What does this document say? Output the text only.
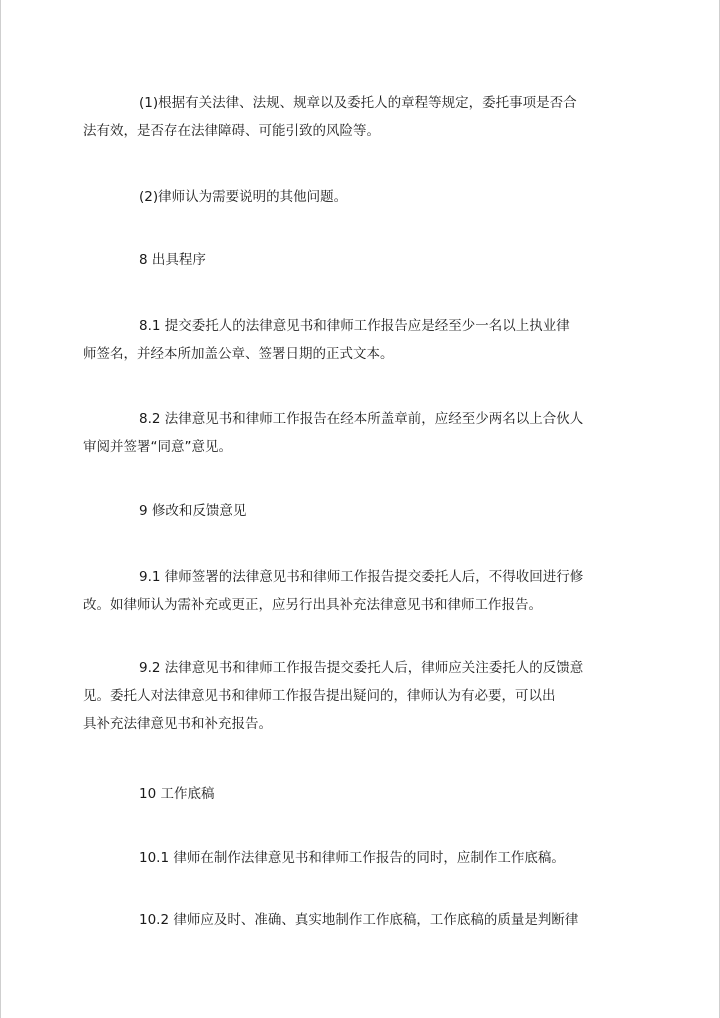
(1)根据有关法律、法规、规章以及委托人的章程等规定，委托事项是否合
法有效，是否存在法律障碍、可能引致的风险等。

(2)律师认为需要说明的其他问题。

8 出具程序

8.1 提交委托人的法律意见书和律师工作报告应是经至少一名以上执业律
师签名，并经本所加盖公章、签署日期的正式文本。

8.2 法律意见书和律师工作报告在经本所盖章前，应经至少两名以上合伙人
审阅并签署“同意”意见。

9 修改和反馈意见

9.1 律师签署的法律意见书和律师工作报告提交委托人后，不得收回进行修
改。如律师认为需补充或更正，应另行出具补充法律意见书和律师工作报告。

9.2 法律意见书和律师工作报告提交委托人后，律师应关注委托人的反馈意
见。委托人对法律意见书和律师工作报告提出疑问的，律师认为有必要，可以出
具补充法律意见书和补充报告。

10 工作底稿

10.1 律师在制作法律意见书和律师工作报告的同时，应制作工作底稿。

10.2 律师应及时、准确、真实地制作工作底稿，工作底稿的质量是判断律
